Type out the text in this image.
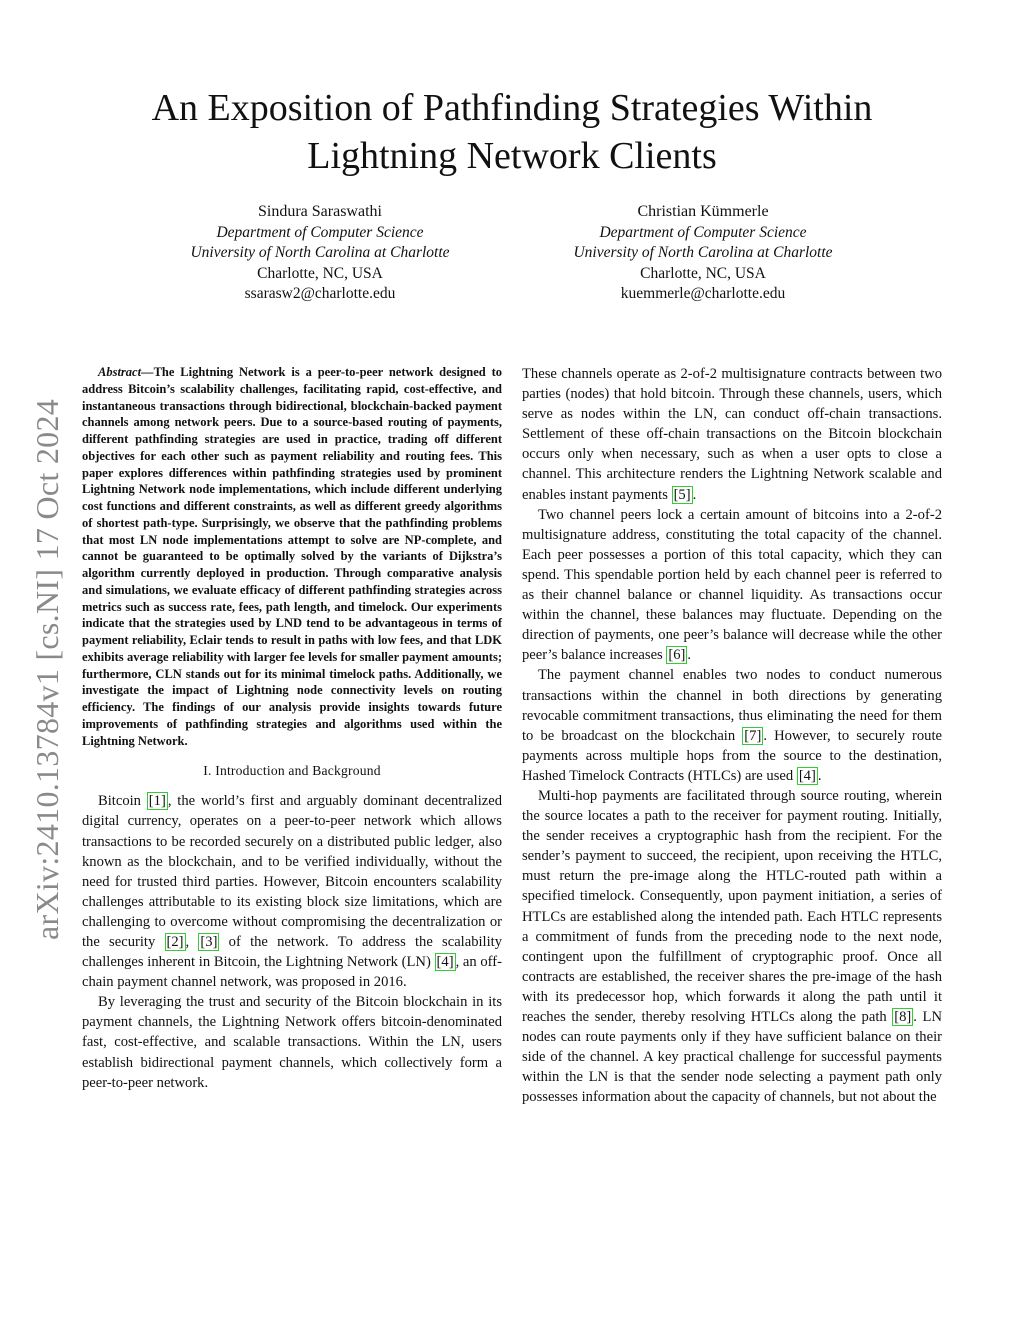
arXiv:2410.13784v1 [cs.NI] 17 Oct 2024
An Exposition of Pathfinding Strategies Within
Lightning Network Clients
Sindura Saraswathi
Department of Computer Science
University of North Carolina at Charlotte
Charlotte, NC, USA
ssarasw2@charlotte.edu
Christian Kümmerle
Department of Computer Science
University of North Carolina at Charlotte
Charlotte, NC, USA
kuemmerle@charlotte.edu

Abstract—The Lightning Network is a peer-to-peer network designed to address Bitcoin’s scalability challenges, facilitating rapid, cost-effective, and instantaneous transactions through bidirectional, blockchain-backed payment channels among network peers. Due to a source-based routing of payments, different pathfinding strategies are used in practice, trading off different objectives for each other such as payment reliability and routing fees. This paper explores differences within pathfinding strategies used by prominent Lightning Network node implementations, which include different underlying cost functions and different constraints, as well as different greedy algorithms of shortest path-type. Surprisingly, we observe that the pathfinding problems that most LN node implementations attempt to solve are NP-complete, and cannot be guaranteed to be optimally solved by the variants of Dijkstra’s algorithm currently deployed in production. Through comparative analysis and simulations, we evaluate efficacy of different pathfinding strategies across metrics such as success rate, fees, path length, and timelock. Our experiments indicate that the strategies used by LND tend to be advantageous in terms of payment reliability, Eclair tends to result in paths with low fees, and that LDK exhibits average reliability with larger fee levels for smaller payment amounts; furthermore, CLN stands out for its minimal timelock paths. Additionally, we investigate the impact of Lightning node connectivity levels on routing efficiency. The findings of our analysis provide insights towards future improvements of pathfinding strategies and algorithms used within the Lightning Network.

I. Introduction and Background

Bitcoin [1] , the world’s first and arguably dominant decentralized digital currency, operates on a peer-to-peer network which allows transactions to be recorded securely on a distributed public ledger, also known as the blockchain, and to be verified individually, without the need for trusted third parties. However, Bitcoin encounters scalability challenges attributable to its existing block size limitations, which are challenging to overcome without compromising the decentralization or the security [2] , [3] of the network. To address the scalability challenges inherent in Bitcoin, the Lightning Network (LN) [4] , an off-chain payment channel network, was proposed in 2016.

By leveraging the trust and security of the Bitcoin blockchain in its payment channels, the Lightning Network offers bitcoin-denominated fast, cost-effective, and scalable transactions. Within the LN, users establish bidirectional payment channels, which collectively form a peer-to-peer network.

These channels operate as 2-of-2 multisignature contracts between two parties (nodes) that hold bitcoin. Through these channels, users, which serve as nodes within the LN, can conduct off-chain transactions. Settlement of these off-chain transactions on the Bitcoin blockchain occurs only when necessary, such as when a user opts to close a channel. This architecture renders the Lightning Network scalable and enables instant payments [5] .

Two channel peers lock a certain amount of bitcoins into a 2-of-2 multisignature address, constituting the total capacity of the channel. Each peer possesses a portion of this total capacity, which they can spend. This spendable portion held by each channel peer is referred to as their channel balance or channel liquidity. As transactions occur within the channel, these balances may fluctuate. Depending on the direction of payments, one peer’s balance will decrease while the other peer’s balance increases [6] .

The payment channel enables two nodes to conduct numerous transactions within the channel in both directions by generating revocable commitment transactions, thus eliminating the need for them to be broadcast on the blockchain [7] . However, to securely route payments across multiple hops from the source to the destination, Hashed Timelock Contracts (HTLCs) are used [4] .

Multi-hop payments are facilitated through source routing, wherein the source locates a path to the receiver for payment routing. Initially, the sender receives a cryptographic hash from the recipient. For the sender’s payment to succeed, the recipient, upon receiving the HTLC, must return the pre-image along the HTLC-routed path within a specified timelock. Consequently, upon payment initiation, a series of HTLCs are established along the intended path. Each HTLC represents a commitment of funds from the preceding node to the next node, contingent upon the fulfillment of cryptographic proof. Once all contracts are established, the receiver shares the pre-image of the hash with its predecessor hop, which forwards it along the path until it reaches the sender, thereby resolving HTLCs along the path [8] . LN nodes can route payments only if they have sufficient balance on their side of the channel. A key practical challenge for successful payments within the LN is that the sender node selecting a payment path only possesses information about the capacity of channels, but not about the
